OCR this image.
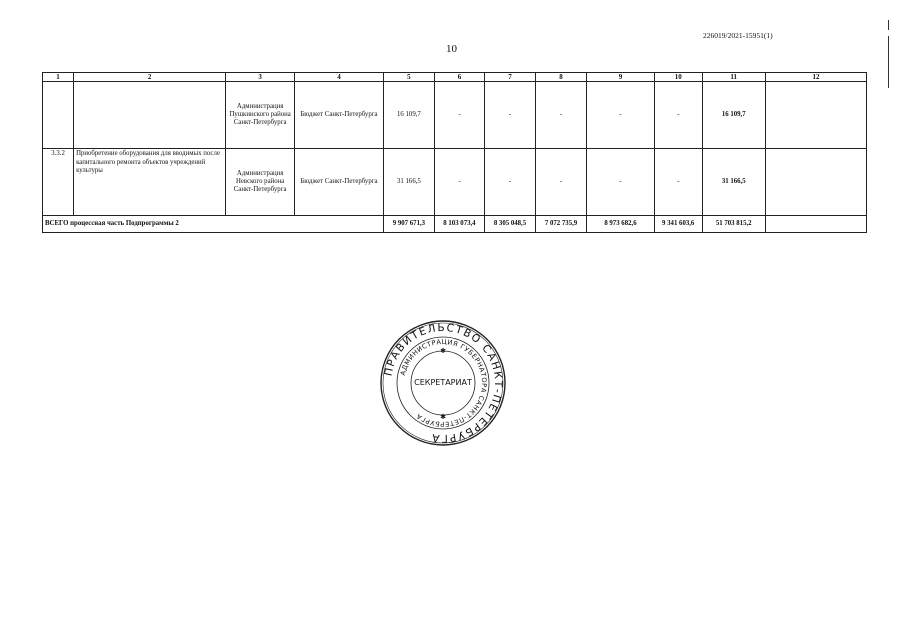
226019/2021-15951(1)
10
1	2	3	4	5	6	7	8	9	10	11	12
		Администрация Пушкинского района Санкт-Петербурга	Бюджет Санкт-Петербурга	16 109,7	-	-	-	-	-	16 109,7	
3.3.2	Приобретение оборудования для вводимых после капитального ремонта объектов учреждений культуры	Администрация Невского района Санкт-Петербурга	Бюджет Санкт-Петербурга	31 166,5	-	-	-	-	-	31 166,5	
ВСЕГО процессная часть Подпрограммы 2				9 907 671,3	8 103 073,4	8 305 048,5	7 072 735,9	8 973 682,6	9 341 603,6	51 703 815,2	
ПРАВИТЕЛЬСТВО САНКТ-ПЕТЕРБУРГА
АДМИНИСТРАЦИЯ ГУБЕРНАТОРА САНКТ-ПЕТЕРБУРГА
СЕКРЕТАРИАТ
✱
✱
